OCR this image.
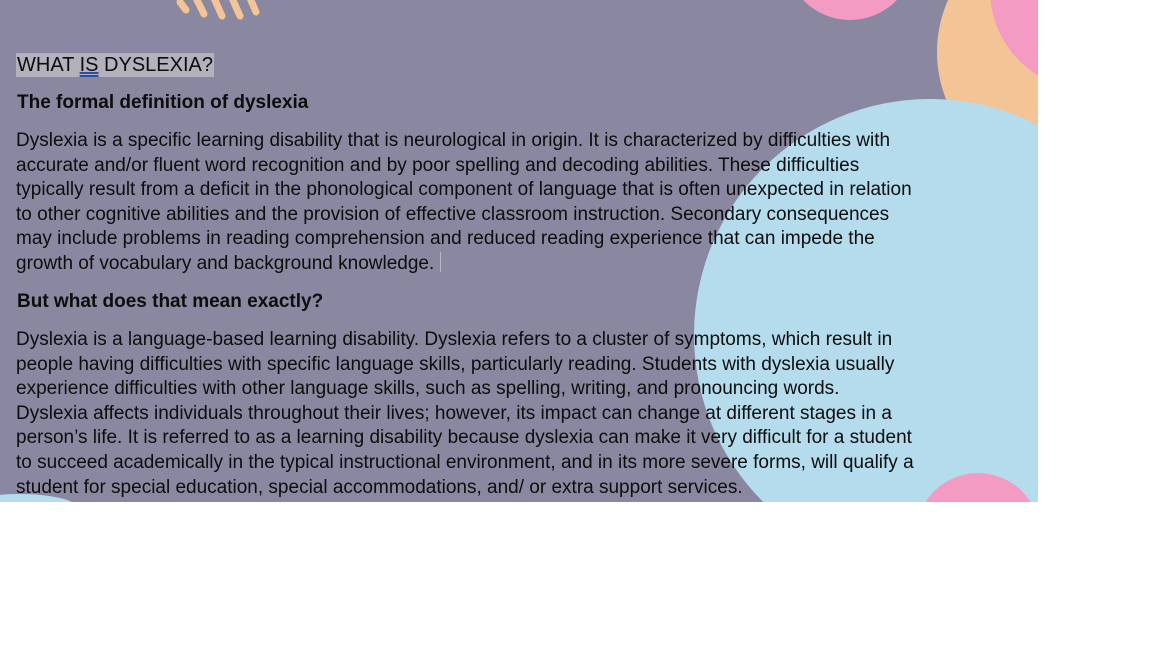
WHAT IS DYSLEXIA?
The formal definition of dyslexia
Dyslexia is a specific learning disability that is neurological in origin. It is characterized by difficulties with
accurate and/or fluent word recognition and by poor spelling and decoding abilities. These difficulties
typically result from a deficit in the phonological component of language that is often unexpected in relation
to other cognitive abilities and the provision of effective classroom instruction. Secondary consequences
may include problems in reading comprehension and reduced reading experience that can impede the
growth of vocabulary and background knowledge.
But what does that mean exactly?
Dyslexia is a language-based learning disability. Dyslexia refers to a cluster of symptoms, which result in
people having difficulties with specific language skills, particularly reading. Students with dyslexia usually
experience difficulties with other language skills, such as spelling, writing, and pronouncing words.
Dyslexia affects individuals throughout their lives; however, its impact can change at different stages in a
person’s life. It is referred to as a learning disability because dyslexia can make it very difficult for a student
to succeed academically in the typical instructional environment, and in its more severe forms, will qualify a
student for special education, special accommodations, and/ or extra support services.
